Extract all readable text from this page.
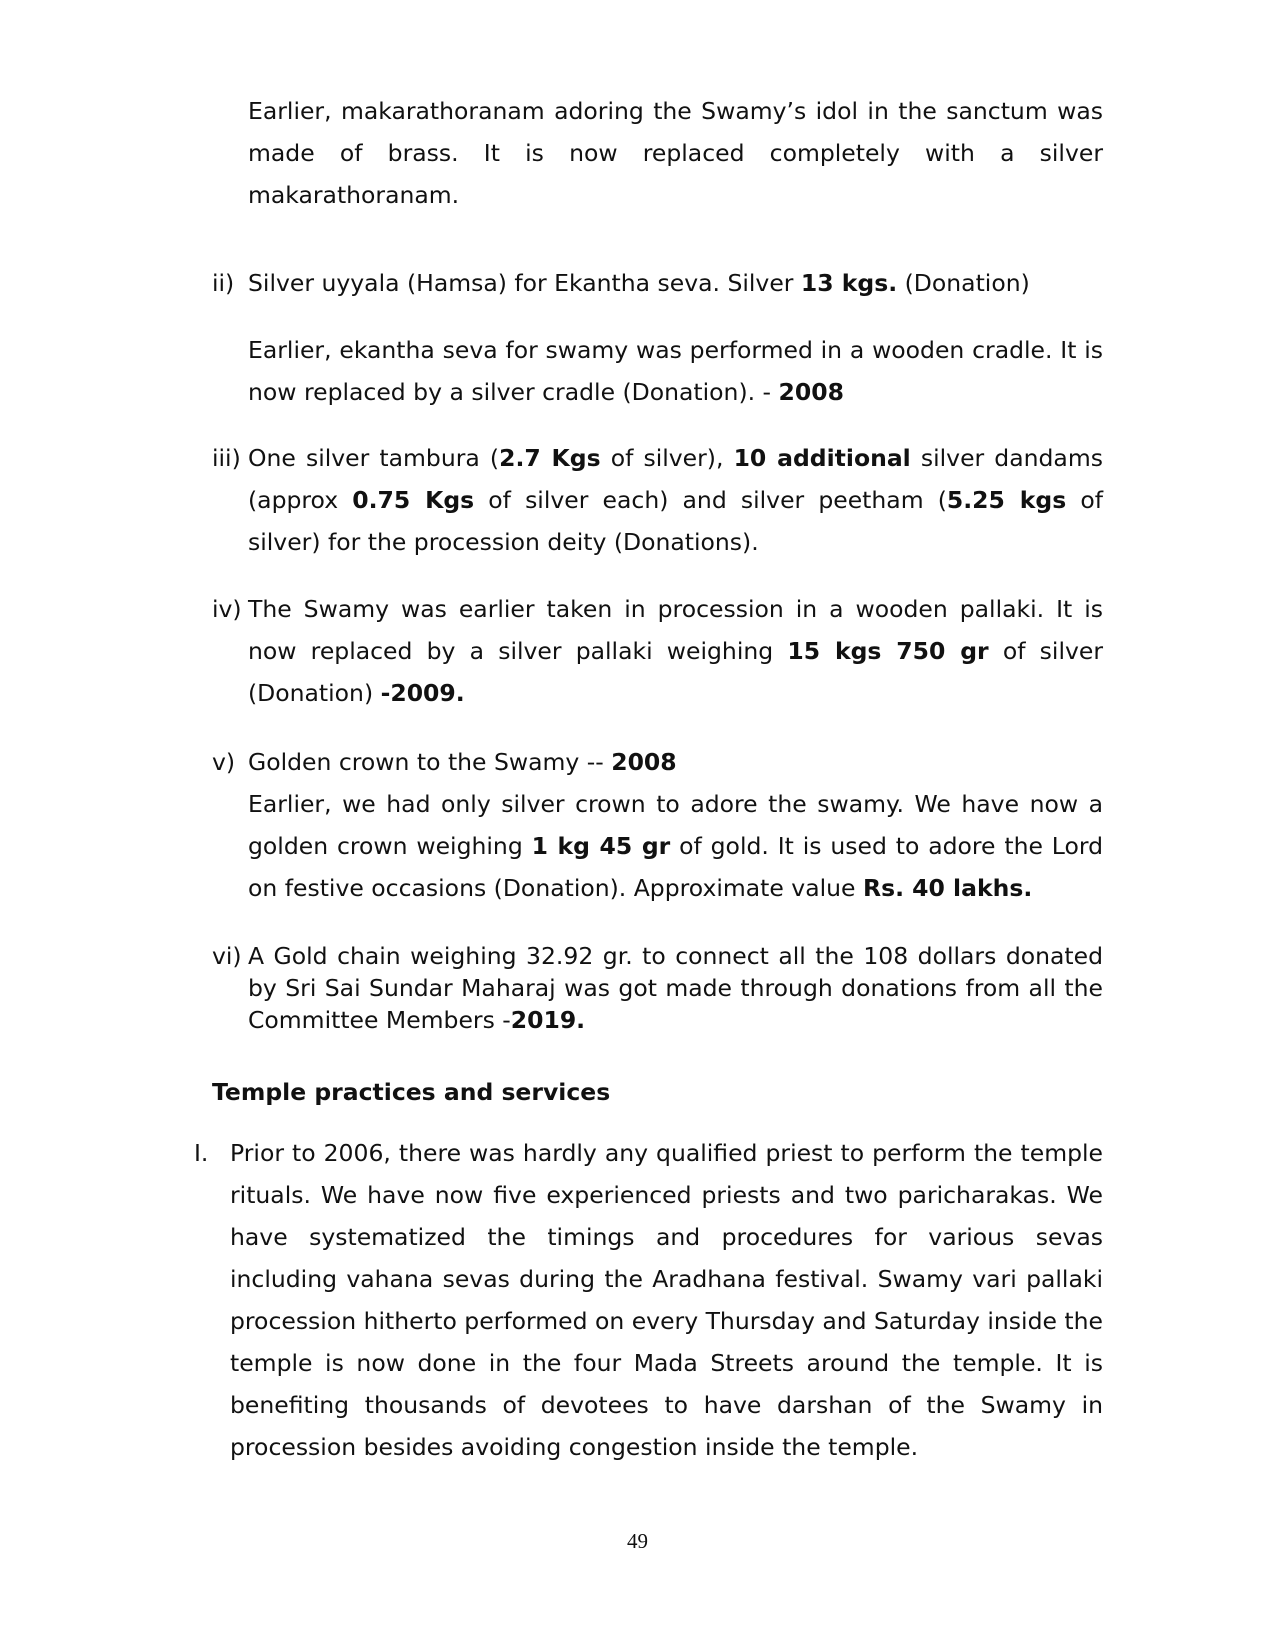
Earlier, makarathoranam adoring the Swamy’s idol in the sanctum was made of brass. It is now replaced completely with a silver makarathoranam.
ii) Silver uyyala (Hamsa) for Ekantha seva. Silver 13 kgs. (Donation)
Earlier, ekantha seva for swamy was performed in a wooden cradle. It is now replaced by a silver cradle (Donation). - 2008
iii) One silver tambura (2.7 Kgs of silver), 10 additional silver dandams (approx 0.75 Kgs of silver each) and silver peetham (5.25 kgs of silver) for the procession deity (Donations).
iv) The Swamy was earlier taken in procession in a wooden pallaki. It is now replaced by a silver pallaki weighing 15 kgs 750 gr of silver (Donation) -2009.
v) Golden crown to the Swamy -- 2008
Earlier, we had only silver crown to adore the swamy. We have now a golden crown weighing 1 kg 45 gr of gold. It is used to adore the Lord on festive occasions (Donation). Approximate value Rs. 40 lakhs.
vi) A Gold chain weighing 32.92 gr. to connect all the 108 dollars donated by Sri Sai Sundar Maharaj was got made through donations from all the Committee Members -2019.
Temple practices and services
I. Prior to 2006, there was hardly any qualified priest to perform the temple rituals. We have now five experienced priests and two paricharakas. We have systematized the timings and procedures for various sevas including vahana sevas during the Aradhana festival. Swamy vari pallaki procession hitherto performed on every Thursday and Saturday inside the temple is now done in the four Mada Streets around the temple. It is benefiting thousands of devotees to have darshan of the Swamy in procession besides avoiding congestion inside the temple.
49
